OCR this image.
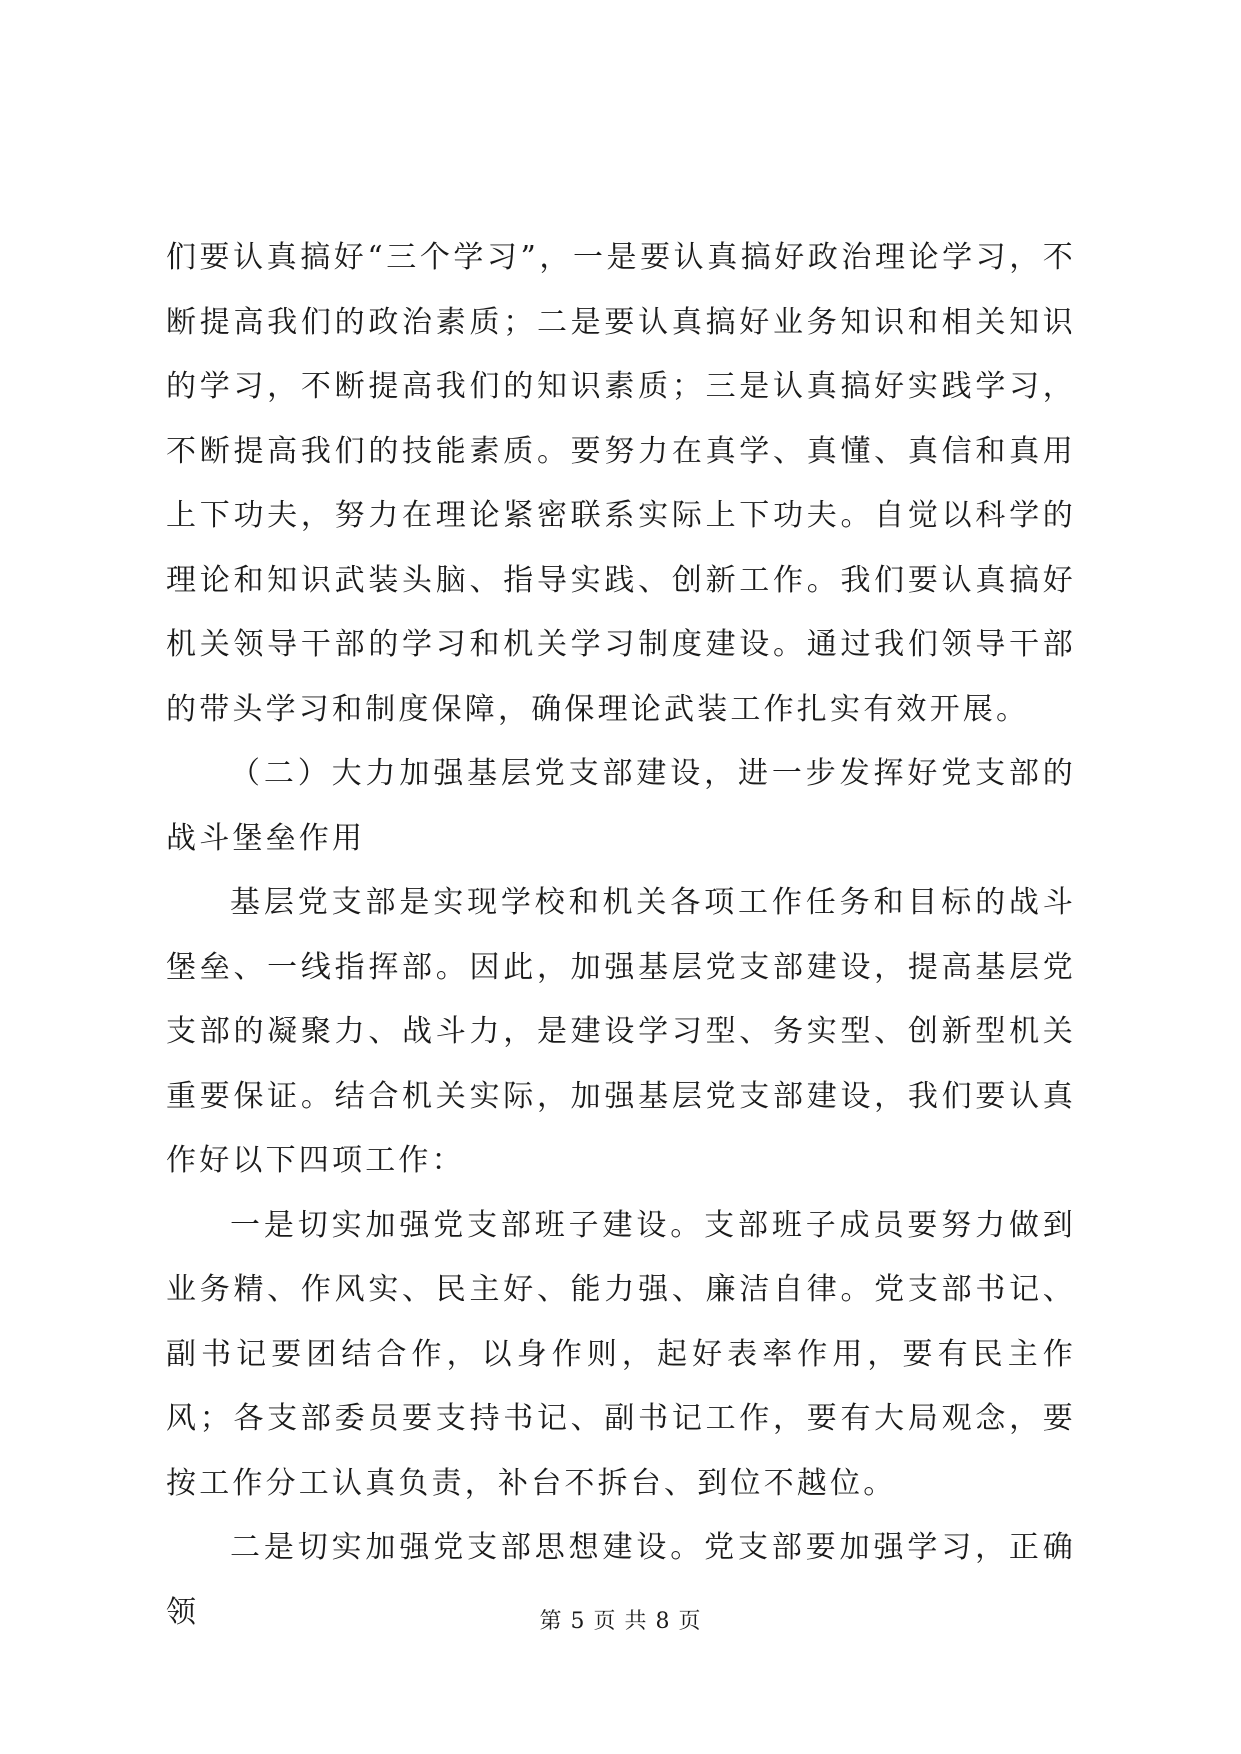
们要认真搞好“三个学习”，一是要认真搞好政治理论学习，不断提高我们的政治素质；二是要认真搞好业务知识和相关知识的学习，不断提高我们的知识素质；三是认真搞好实践学习，不断提高我们的技能素质。要努力在真学、真懂、真信和真用上下功夫，努力在理论紧密联系实际上下功夫。自觉以科学的理论和知识武装头脑、指导实践、创新工作。我们要认真搞好机关领导干部的学习和机关学习制度建设。通过我们领导干部的带头学习和制度保障，确保理论武装工作扎实有效开展。

（二）大力加强基层党支部建设，进一步发挥好党支部的战斗堡垒作用

基层党支部是实现学校和机关各项工作任务和目标的战斗堡垒、一线指挥部。因此，加强基层党支部建设，提高基层党支部的凝聚力、战斗力，是建设学习型、务实型、创新型机关重要保证。结合机关实际，加强基层党支部建设，我们要认真作好以下四项工作：

一是切实加强党支部班子建设。支部班子成员要努力做到业务精、作风实、民主好、能力强、廉洁自律。党支部书记、副书记要团结合作，以身作则，起好表率作用，要有民主作风；各支部委员要支持书记、副书记工作，要有大局观念，要按工作分工认真负责，补台不拆台、到位不越位。

二是切实加强党支部思想建设。党支部要加强学习，正确领	第 5 页 共 8 页
